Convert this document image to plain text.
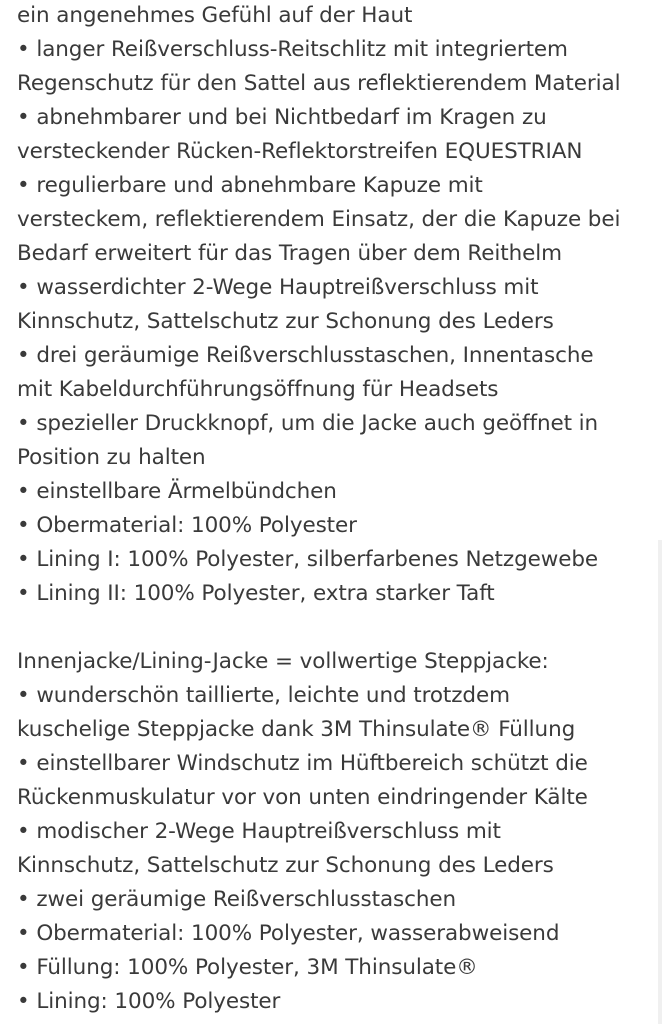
ein angenehmes Gefühl auf der Haut
• langer Reißverschluss-Reitschlitz mit integriertem
Regenschutz für den Sattel aus reflektierendem Material
• abnehmbarer und bei Nichtbedarf im Kragen zu
versteckender Rücken-Reflektorstreifen EQUESTRIAN
• regulierbare und abnehmbare Kapuze mit
versteckem, reflektierendem Einsatz, der die Kapuze bei
Bedarf erweitert für das Tragen über dem Reithelm
• wasserdichter 2-Wege Hauptreißverschluss mit
Kinnschutz, Sattelschutz zur Schonung des Leders
• drei geräumige Reißverschlusstaschen, Innentasche
mit Kabeldurchführungsöffnung für Headsets
• spezieller Druckknopf, um die Jacke auch geöffnet in
Position zu halten
• einstellbare Ärmelbündchen
• Obermaterial: 100% Polyester
• Lining I: 100% Polyester, silberfarbenes Netzgewebe
• Lining II: 100% Polyester, extra starker Taft
Innenjacke/Lining-Jacke = vollwertige Steppjacke:
• wunderschön taillierte, leichte und trotzdem
kuschelige Steppjacke dank 3M Thinsulate® Füllung
• einstellbarer Windschutz im Hüftbereich schützt die
Rückenmuskulatur vor von unten eindringender Kälte
• modischer 2-Wege Hauptreißverschluss mit
Kinnschutz, Sattelschutz zur Schonung des Leders
• zwei geräumige Reißverschlusstaschen
• Obermaterial: 100% Polyester, wasserabweisend
• Füllung: 100% Polyester, 3M Thinsulate®
• Lining: 100% Polyester
